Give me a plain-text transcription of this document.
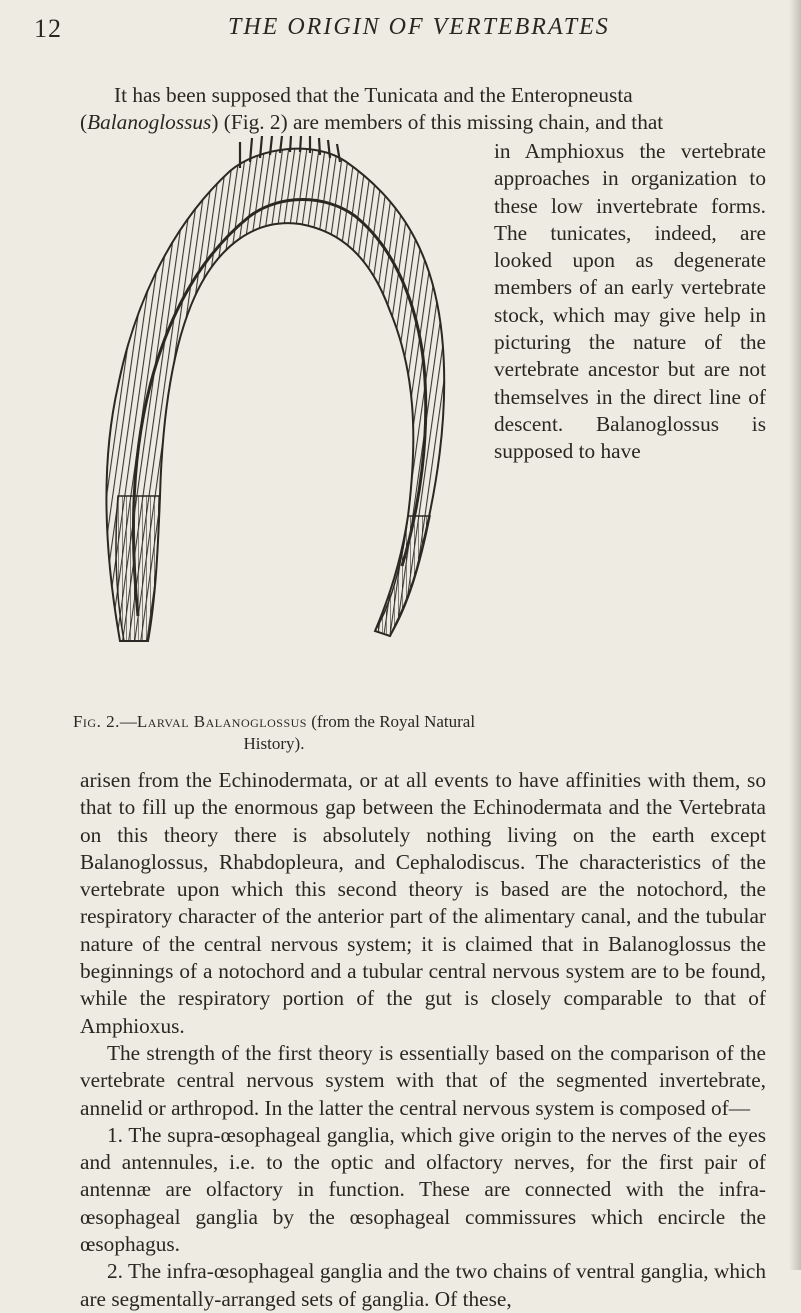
12	THE ORIGIN OF VERTEBRATES

It has been supposed that the Tunicata and the Enteropneusta

(Balanoglossus) (Fig. 2) are members of this missing chain, and that

in Amphioxus the vertebrate approaches in organization to these low invertebrate forms. The tunicates, indeed, are looked upon as degenerate members of an early vertebrate stock, which may give help in picturing the nature of the vertebrate ancestor but are not themselves in the direct line of descent. Balanoglossus is supposed to have

Fig. 2.—Larval Balanoglossus (from the Royal Natural History).

arisen from the Echinodermata, or at all events to have affinities with them, so that to fill up the enormous gap between the Echinodermata and the Vertebrata on this theory there is absolutely nothing living on the earth except Balanoglossus, Rhabdopleura, and Cephalodiscus. The characteristics of the vertebrate upon which this second theory is based are the notochord, the respiratory character of the anterior part of the alimentary canal, and the tubular nature of the central nervous system; it is claimed that in Balanoglossus the beginnings of a notochord and a tubular central nervous system are to be found, while the respiratory portion of the gut is closely comparable to that of Amphioxus.

The strength of the first theory is essentially based on the comparison of the vertebrate central nervous system with that of the segmented invertebrate, annelid or arthropod. In the latter the central nervous system is composed of—

1. The supra-œsophageal ganglia, which give origin to the nerves of the eyes and antennules, i.e. to the optic and olfactory nerves, for the first pair of antennæ are olfactory in function. These are connected with the infra-œsophageal ganglia by the œsophageal commissures which encircle the œsophagus.

2. The infra-œsophageal ganglia and the two chains of ventral ganglia, which are segmentally-arranged sets of ganglia. Of these,
